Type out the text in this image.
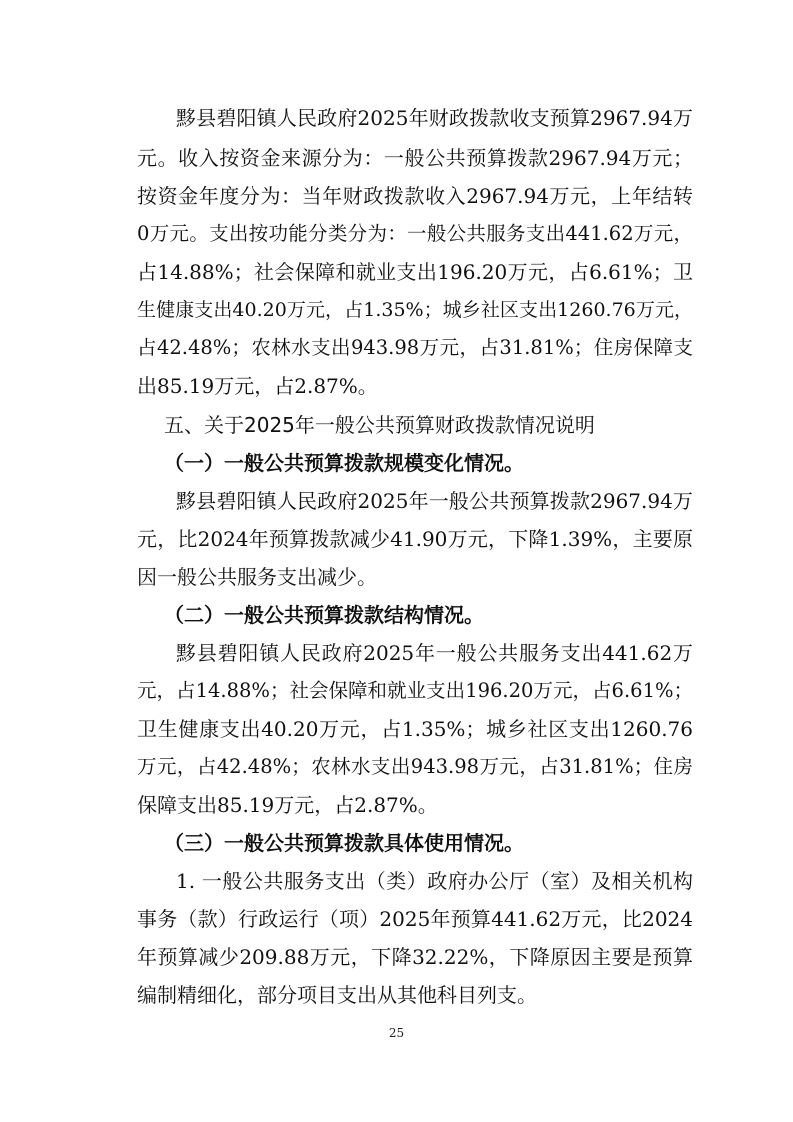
黟县碧阳镇人民政府2025年财政拨款收支预算2967.94万
元。收入按资金来源分为：一般公共预算拨款2967.94万元；
按资金年度分为：当年财政拨款收入2967.94万元，上年结转
0万元。支出按功能分类分为：一般公共服务支出441.62万元，
占14.88%；社会保障和就业支出196.20万元，占6.61%；卫
生健康支出40.20万元，占1.35%；城乡社区支出1260.76万元，
占42.48%；农林水支出943.98万元，占31.81%；住房保障支
出85.19万元，占2.87%。
五、关于2025年一般公共预算财政拨款情况说明
（一）一般公共预算拨款规模变化情况。
黟县碧阳镇人民政府2025年一般公共预算拨款2967.94万
元，比2024年预算拨款减少41.90万元，下降1.39%，主要原
因一般公共服务支出减少。
（二）一般公共预算拨款结构情况。
黟县碧阳镇人民政府2025年一般公共服务支出441.62万
元，占14.88%；社会保障和就业支出196.20万元，占6.61%；
卫生健康支出40.20万元，占1.35%；城乡社区支出1260.76
万元，占42.48%；农林水支出943.98万元，占31.81%；住房
保障支出85.19万元，占2.87%。
（三）一般公共预算拨款具体使用情况。
1. 一般公共服务支出（类）政府办公厅（室）及相关机构
事务（款）行政运行（项）2025年预算441.62万元，比2024
年预算减少209.88万元，下降32.22%，下降原因主要是预算
编制精细化，部分项目支出从其他科目列支。
25
